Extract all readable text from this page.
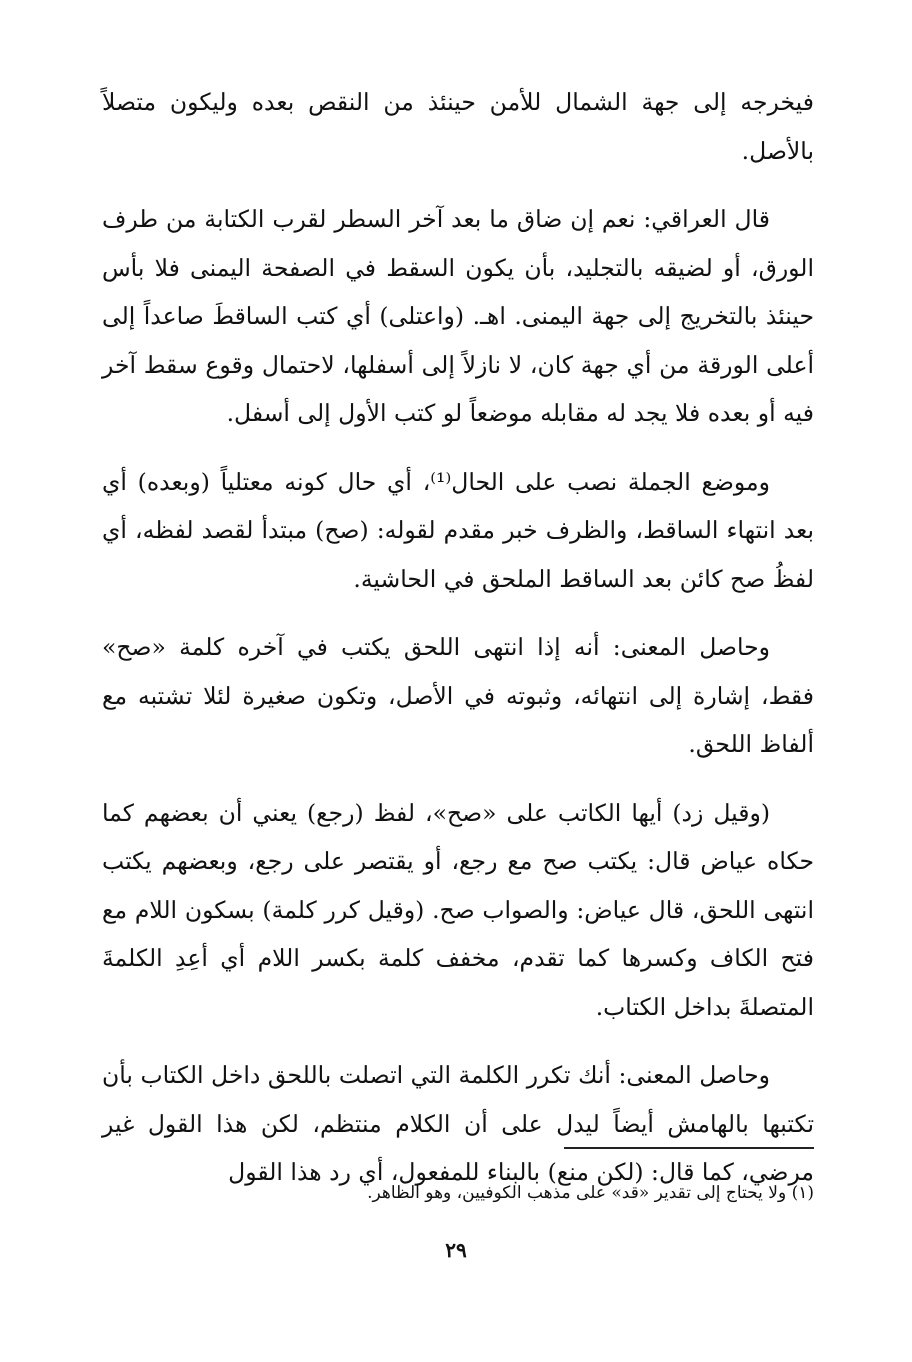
فيخرجه إلى جهة الشمال للأمن حينئذ من النقص بعده وليكون متصلاً بالأصل.

قال العراقي: نعم إن ضاق ما بعد آخر السطر لقرب الكتابة من طرف الورق، أو لضيقه بالتجليد، بأن يكون السقط في الصفحة اليمنى فلا بأس حينئذ بالتخريج إلى جهة اليمنى. اهـ. (واعتلى) أي كتب الساقطَ صاعداً إلى أعلى الورقة من أي جهة كان، لا نازلاً إلى أسفلها، لاحتمال وقوع سقط آخر فيه أو بعده فلا يجد له مقابله موضعاً لو كتب الأول إلى أسفل.

وموضع الجملة نصب على الحال⁽¹⁾، أي حال كونه معتلياً (وبعده) أي بعد انتهاء الساقط، والظرف خبر مقدم لقوله: (صح) مبتدأ لقصد لفظه، أي لفظُ صح كائن بعد الساقط الملحق في الحاشية.

وحاصل المعنى: أنه إذا انتهى اللحق يكتب في آخره كلمة «صح» فقط، إشارة إلى انتهائه، وثبوته في الأصل، وتكون صغيرة لئلا تشتبه مع ألفاظ اللحق.

(وقيل زد) أيها الكاتب على «صح»، لفظ (رجع) يعني أن بعضهم كما حكاه عياض قال: يكتب صح مع رجع، أو يقتصر على رجع، وبعضهم يكتب انتهى اللحق، قال عياض: والصواب صح. (وقيل كرر كلمة) بسكون اللام مع فتح الكاف وكسرها كما تقدم، مخفف كلمة بكسر اللام أي أعِدِ الكلمةَ المتصلةَ بداخل الكتاب.

وحاصل المعنى: أنك تكرر الكلمة التي اتصلت باللحق داخل الكتاب بأن تكتبها بالهامش أيضاً ليدل على أن الكلام منتظم، لكن هذا القول غير مرضي، كما قال: (لكن منع) بالبناء للمفعول، أي رد هذا القول

(١) ولا يحتاج إلى تقدير «قد» على مذهب الكوفيين، وهو الظاهر.
٢٩
